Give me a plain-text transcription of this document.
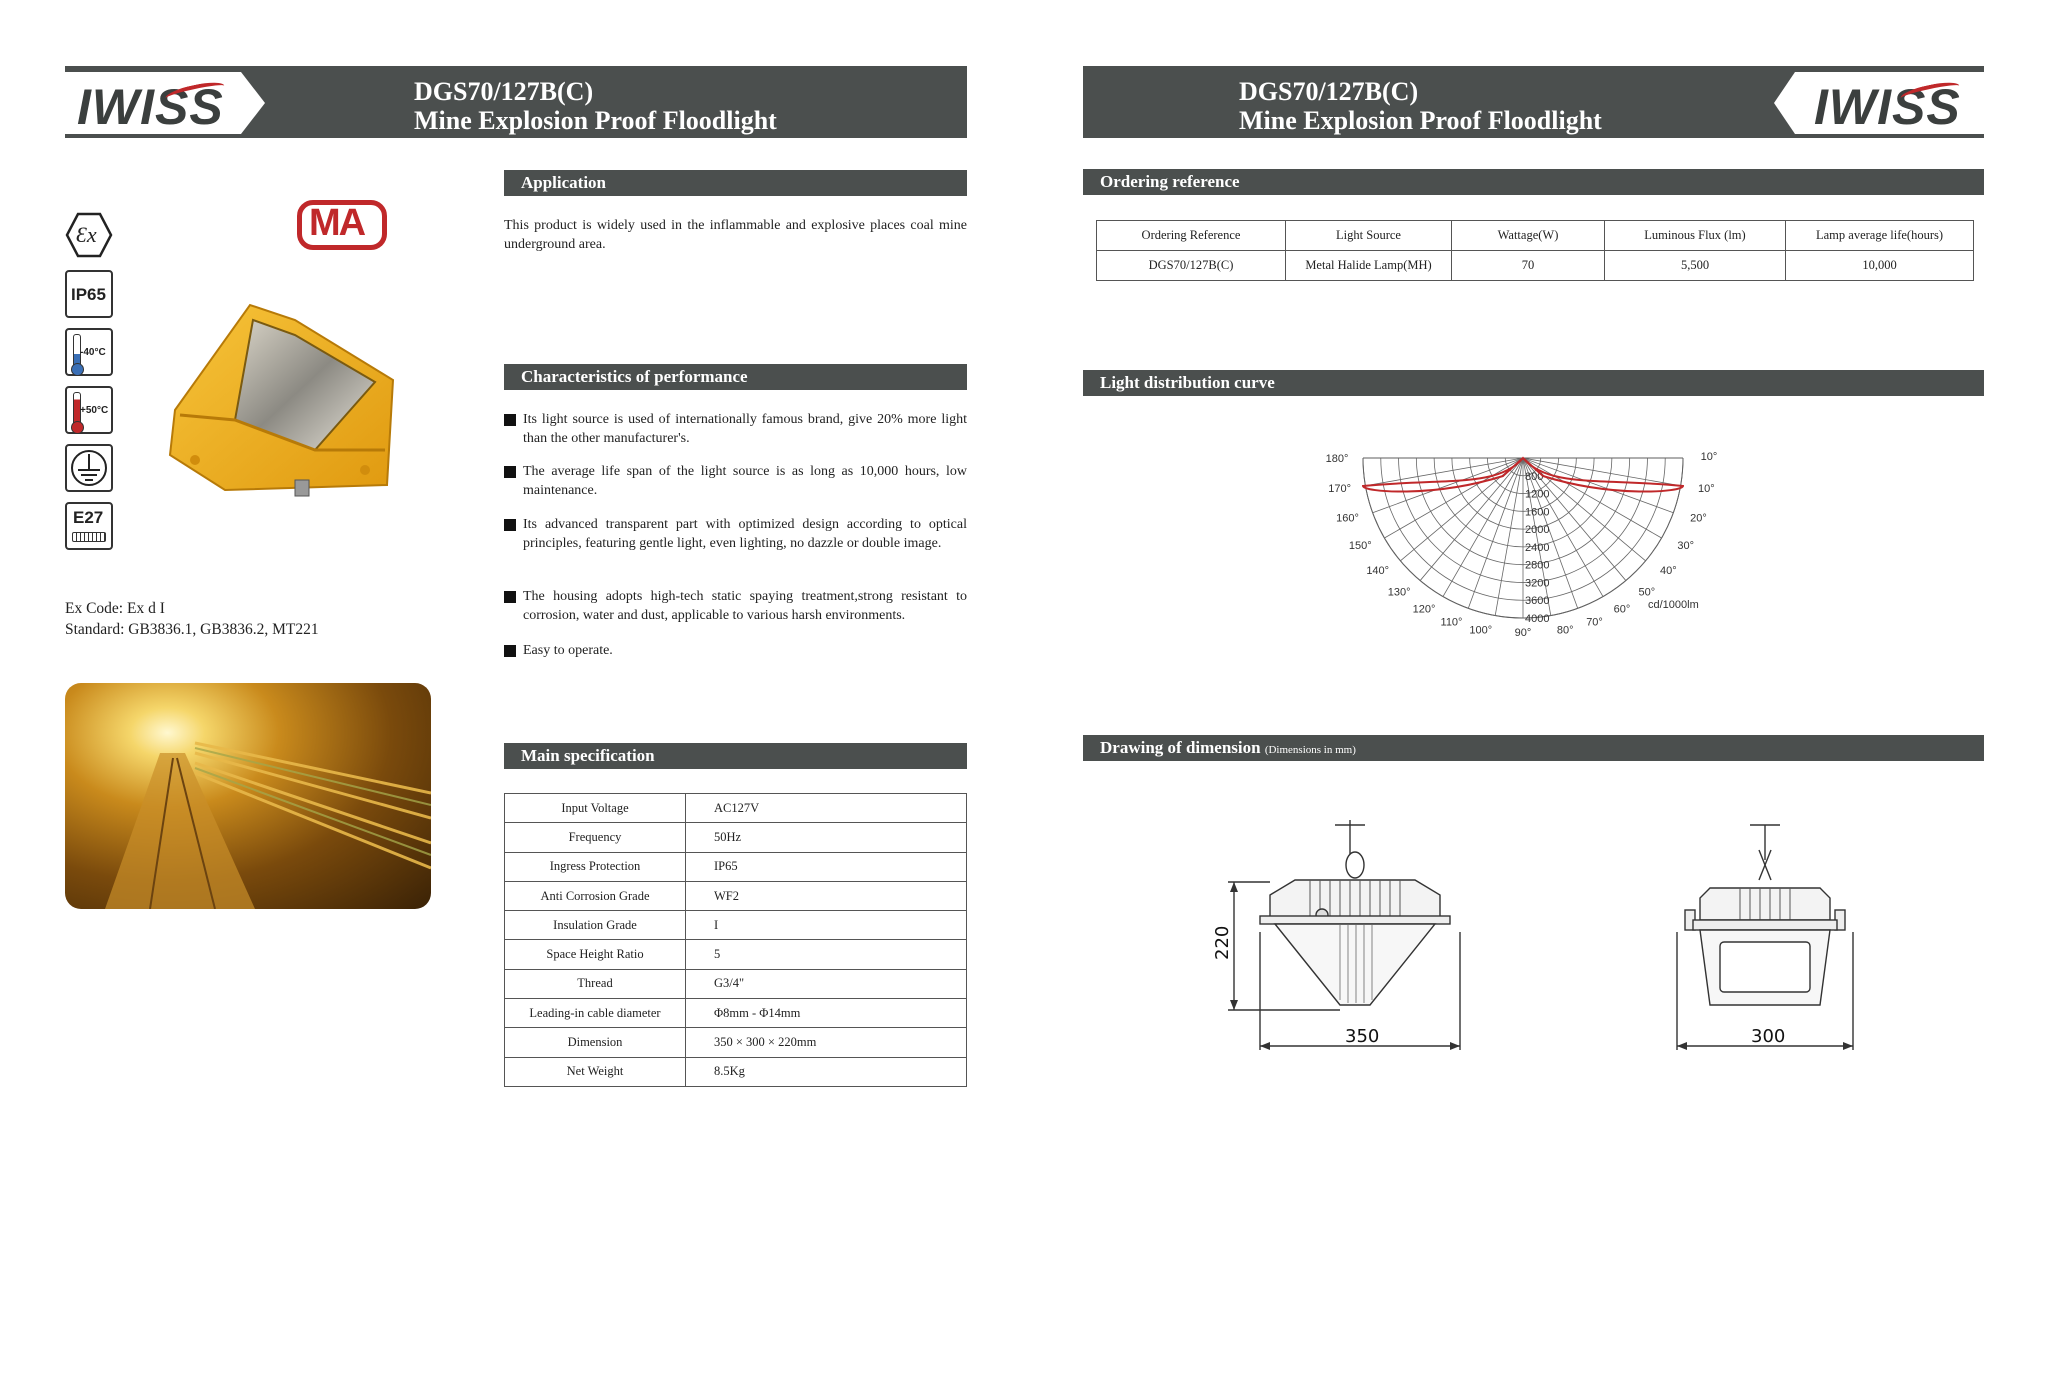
IWISS	DGS70/127B(C)
Mine Explosion Proof Floodlight	IWISS
DGS70/127B(C)
Mine Explosion Proof Floodlight
Ɛx
IP65
-40°C
+50°C
E27
MA
Ex Code: Ex d I
Standard: GB3836.1, GB3836.2, MT221
Application
This product is widely used in the inflammable and explosive places coal mine underground area.
Characteristics of performance
Its light source is used of internationally famous brand, give 20% more light than the other manufacturer's.
The average life span of the light source is as long as 10,000 hours, low maintenance.
Its advanced transparent part with optimized design according to optical principles, featuring gentle light, even lighting, no dazzle or double image.
The housing adopts high-tech static spaying treatment,strong resistant to corrosion, water and dust, applicable to various harsh environments.
Easy to operate.
Main specification
Input Voltage	AC127V
Frequency	50Hz
Ingress Protection	IP65
Anti Corrosion Grade	WF2
Insulation Grade	I
Space Height Ratio	5
Thread	G3/4"
Leading-in cable diameter	Φ8mm - Φ14mm
Dimension	350 × 300 × 220mm
Net Weight	8.5Kg
Ordering reference
Ordering Reference	Light Source	Wattage(W)	Luminous Flux (lm)	Lamp average life(hours)
DGS70/127B(C)	Metal Halide Lamp(MH)	70	5,500	10,000
Light distribution curve
800
1200
1600
2000
2400
2800
3200
3600
4000
180°
170°
160°
150°
140°
130°
120°
110°
100°
10°
10°
20°
30°
40°
50°
60°
70°
80°
90°
cd/1000lm
Drawing of dimension (Dimensions in mm)
350
220
300
